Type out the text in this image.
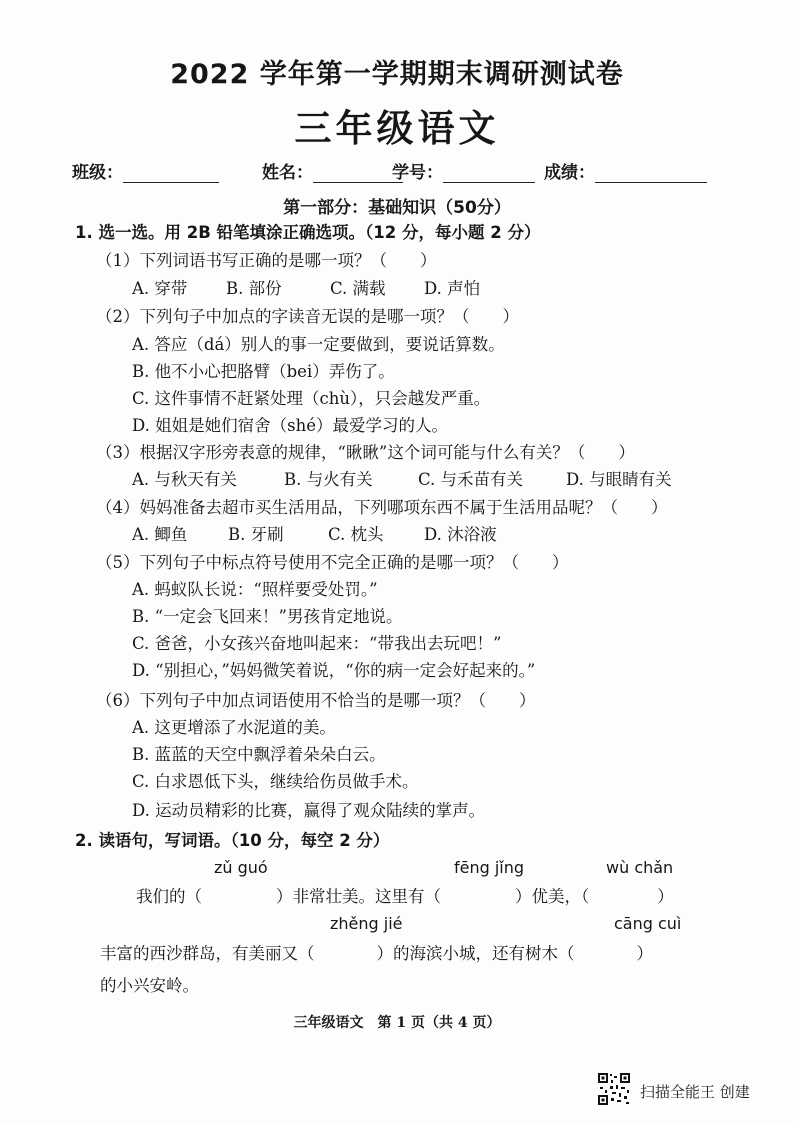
2022 学年第一学期期末调研测试卷
三年级语文
班级：	姓名：	学号：	成绩：
第一部分：基础知识（50分）
1. 选一选。用 2B 铅笔填涂正确选项。（12 分，每小题 2 分）
（1）下列词语书写正确的是哪一项？（　　）
A. 穿带 B. 部份	C. 满载 D. 声怕
（2）下列句子中加点的字读音无误的是哪一项？（　　）
A. 答应（dá）别人的事一定要做到，要说话算数。
B. 他不小心把胳臂（bei）弄伤了。
C. 这件事情不赶紧处理（chù），只会越发严重。
D. 姐姐是她们宿舍（shé）最爱学习的人。
（3）根据汉字形旁表意的规律，“瞅瞅”这个词可能与什么有关？（　　）
A. 与秋天有关	B. 与火有关	C. 与禾苗有关	D. 与眼睛有关
（4）妈妈准备去超市买生活用品，下列哪项东西不属于生活用品呢？（　　）
A. 鲫鱼 B. 牙刷	C. 枕头 D. 沐浴液
（5）下列句子中标点符号使用不完全正确的是哪一项？（　　）
A. 蚂蚁队长说：“照样要受处罚。”
B. “一定会飞回来！”男孩肯定地说。
C. 爸爸，小女孩兴奋地叫起来：“带我出去玩吧！”
D. “别担心，”妈妈微笑着说，“你的病一定会好起来的。”
（6）下列句子中加点词语使用不恰当的是哪一项？（　　）
A. 这更增添了水泥道的美。
B. 蓝蓝的天空中飘浮着朵朵白云。
C. 白求恩低下头，继续给伤员做手术。
D. 运动员精彩的比赛，赢得了观众陆续的掌声。
2. 读语句，写词语。（10 分，每空 2 分）
zǔ guó	fēng jǐng	wù chǎn
我们的（	）非常壮美。这里有（	）优美，（	）
zhěng jié	cāng cuì
丰富的西沙群岛，有美丽又（	）的海滨小城，还有树木（	）
的小兴安岭。
三年级语文　第 1 页（共 4 页）
扫描全能王 创建
